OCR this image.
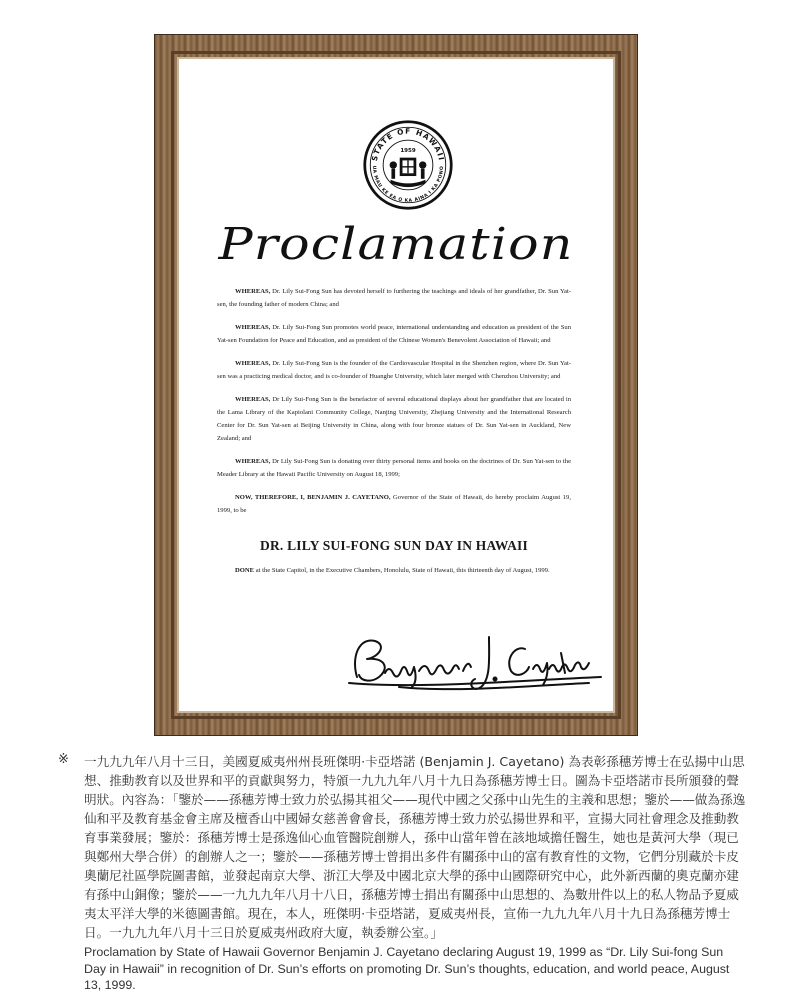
STATE OF HAWAII
UA MAU KE EA O KA AINA I KA PONO
1959
Proclamation

WHEREAS, Dr. Lily Sui-Fong Sun has devoted herself to furthering the teachings and ideals of her grandfather, Dr. Sun Yat-sen, the founding father of modern China; and

WHEREAS, Dr. Lily Sui-Fong Sun promotes world peace, international understanding and education as president of the Sun Yat-sen Foundation for Peace and Education, and as president of the Chinese Women's Benevolent Association of Hawaii; and

WHEREAS, Dr. Lily Sui-Fong Sun is the founder of the Cardiovascular Hospital in the Shenzhen region, where Dr. Sun Yat-sen was a practicing medical doctor, and is co-founder of Huanghe University, which later merged with Chenzhou University; and

WHEREAS, Dr Lily Sui-Fong Sun is the benefactor of several educational displays about her grandfather that are located in the Lama Library of the Kapiolani Community College, Nanjing University, Zhejiang University and the International Research Center for Dr. Sun Yat-sen at Beijing University in China, along with four bronze statues of Dr. Sun Yat-sen in Auckland, New Zealand; and

WHEREAS, Dr Lily Sui-Fong Sun is donating over thirty personal items and books on the doctrines of Dr. Sun Yat-sen to the Meader Library at the Hawaii Pacific University on August 18, 1999;

NOW, THEREFORE, I, BENJAMIN J. CAYETANO, Governor of the State of Hawaii, do hereby proclaim August 19, 1999, to be

DR. LILY SUI-FONG SUN DAY IN HAWAII

DONE at the State Capitol, in the Executive Chambers, Honolulu, State of Hawaii, this thirteenth day of August, 1999.

※ 一九九九年八月十三日，美國夏威夷州州長班傑明·卡亞塔諾 (Benjamin J. Cayetano) 為表彰孫穗芳博士在弘揚中山思想、推動教育以及世界和平的貢獻與努力，特頒一九九九年八月十九日為孫穗芳博士日。圖為卡亞塔諾市長所頒發的聲明狀。內容為：「鑒於——孫穗芳博士致力於弘揚其祖父——現代中國之父孫中山先生的主義和思想；鑒於——做為孫逸仙和平及教育基金會主席及檀香山中國婦女慈善會會長，孫穗芳博士致力於弘揚世界和平，宣揚大同社會理念及推動教育事業發展；鑒於：孫穗芳博士是孫逸仙心血管醫院創辦人，孫中山當年曾在該地域擔任醫生，她也是黃河大學（現已與鄭州大學合併）的創辦人之一；鑒於——孫穗芳博士曾捐出多件有關孫中山的富有教育性的文物，它們分別藏於卡皮奧蘭尼社區學院圖書館，並發起南京大學、浙江大學及中國北京大學的孫中山國際研究中心，此外新西蘭的奧克蘭亦建有孫中山銅像；鑒於——一九九九年八月十八日，孫穗芳博士捐出有關孫中山思想的、為數卅件以上的私人物品予夏威夷太平洋大學的米德圖書館。現在，本人，班傑明·卡亞塔諾，夏威夷州長，宣佈一九九九年八月十九日為孫穗芳博士日。一九九九年八月十三日於夏威夷州政府大廈，執委辦公室。」

Proclamation by State of Hawaii Governor Benjamin J. Cayetano declaring August 19, 1999 as “Dr. Lily Sui-fong Sun Day in Hawaii” in recognition of Dr. Sun’s efforts on promoting Dr. Sun’s thoughts, education, and world peace, August 13, 1999.
